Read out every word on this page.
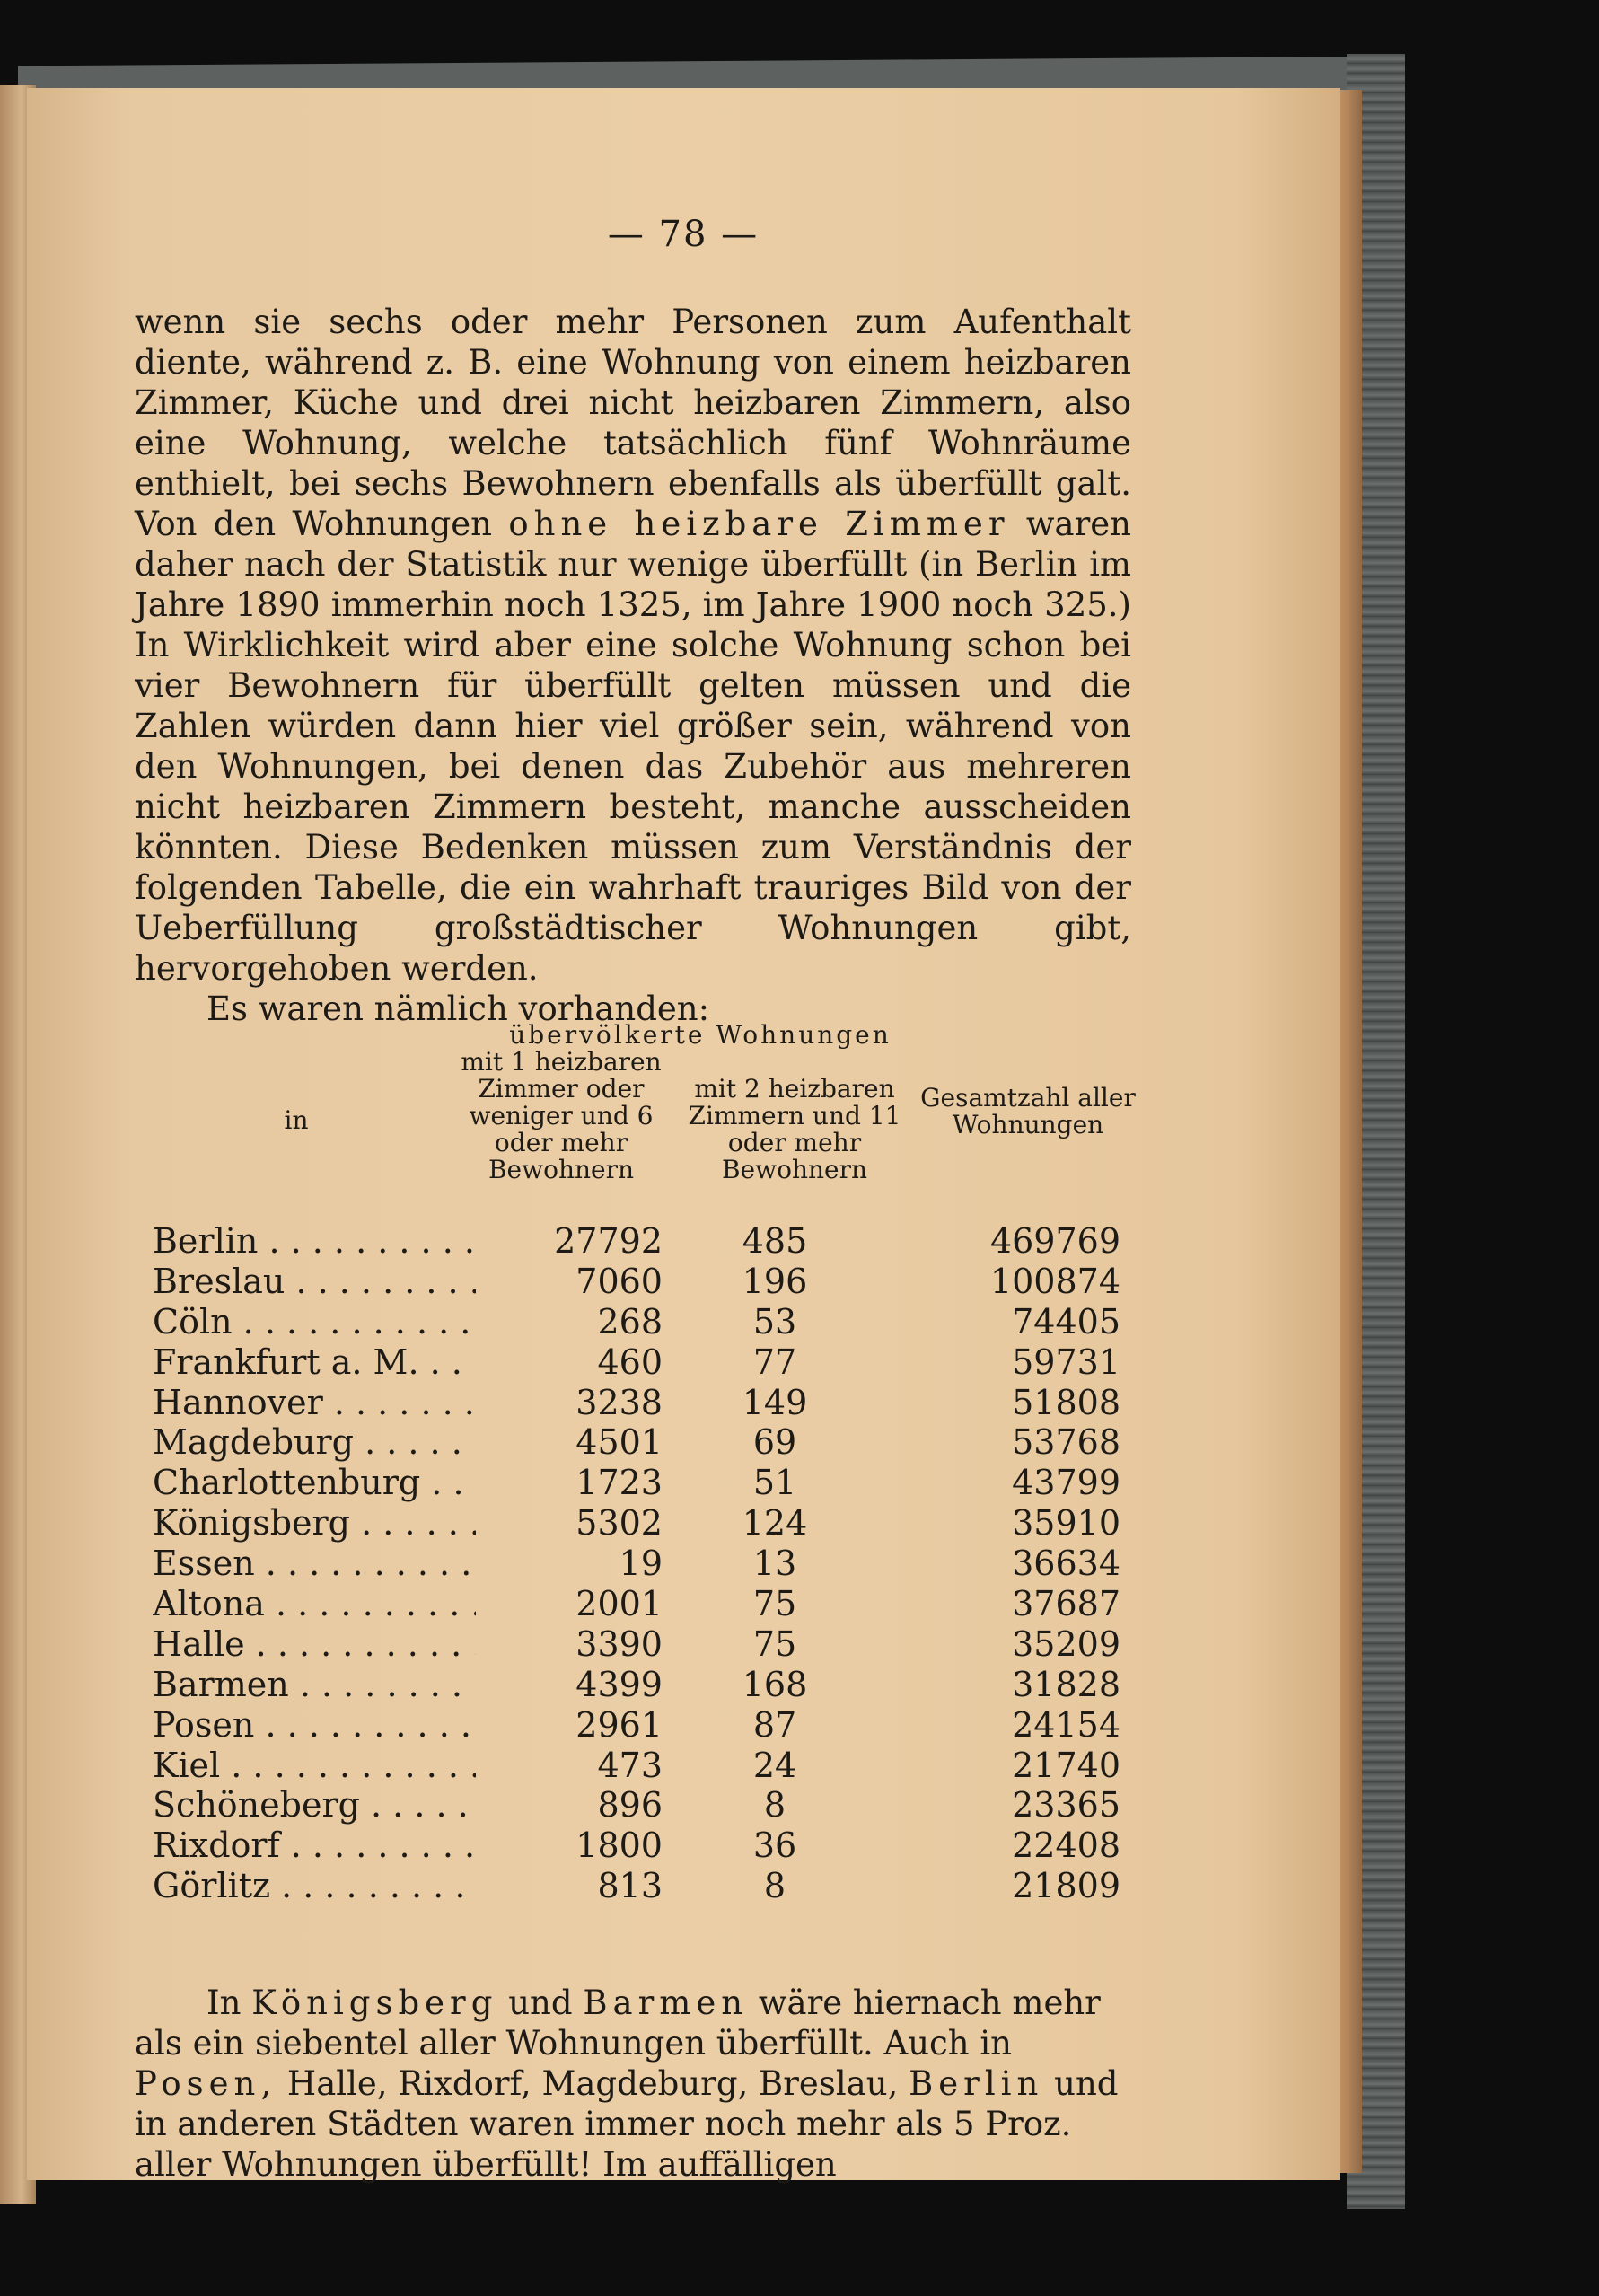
— 78 —

wenn sie sechs oder mehr Personen zum Aufenthalt diente, während z. B. eine Wohnung von einem heizbaren Zimmer, Küche und drei nicht heizbaren Zimmern, also eine Wohnung, welche tatsächlich fünf Wohnräume enthielt, bei sechs Bewohnern ebenfalls als überfüllt galt. Von den Wohnungen ohne heizbare Zimmer waren daher nach der Statistik nur wenige überfüllt (in Berlin im Jahre 1890 immerhin noch 1325, im Jahre 1900 noch 325.) In Wirklichkeit wird aber eine solche Wohnung schon bei vier Bewohnern für überfüllt gelten müssen und die Zahlen würden dann hier viel größer sein, während von den Wohnungen, bei denen das Zubehör aus mehreren nicht heizbaren Zimmern besteht, manche ausscheiden könnten. Diese Bedenken müssen zum Verständnis der folgenden Tabelle, die ein wahrhaft trauriges Bild von der Ueberfüllung großstädtischer Wohnungen gibt, hervorgehoben werden.

Es waren nämlich vorhanden:

übervölkerte Wohnungen
in
mit 1 heizbaren Zimmer oder weniger und 6 oder mehr Bewohnern
mit 2 heizbaren Zimmern und 11 oder mehr Bewohnern
Gesamtzahl aller Wohnungen
Berlin . . .	27792	485	469769
Breslau . . .	7060	196	100874
Cöln . . .	268	53	74405
Frankfurt a. M. . . .	460	77	59731
Hannover . . .	3238	149	51808
Magdeburg . . .	4501	69	53768
Charlottenburg . . .	1723	51	43799
Königsberg . . .	5302	124	35910
Essen . . .	19	13	36634
Altona . . .	2001	75	37687
Halle . . .	3390	75	35209
Barmen . . .	4399	168	31828
Posen . . .	2961	87	24154
Kiel . . .	473	24	21740
Schöneberg . . .	896	8	23365
Rixdorf . . .	1800	36	22408
Görlitz . . .	813	8	21809

In Königsberg und Barmen wäre hiernach mehr als ein siebentel aller Wohnungen überfüllt. Auch in Posen, Halle, Rixdorf, Magdeburg, Breslau, Berlin und in anderen Städten waren immer noch mehr als 5 Proz. aller Wohnungen überfüllt! Im auffälligen
